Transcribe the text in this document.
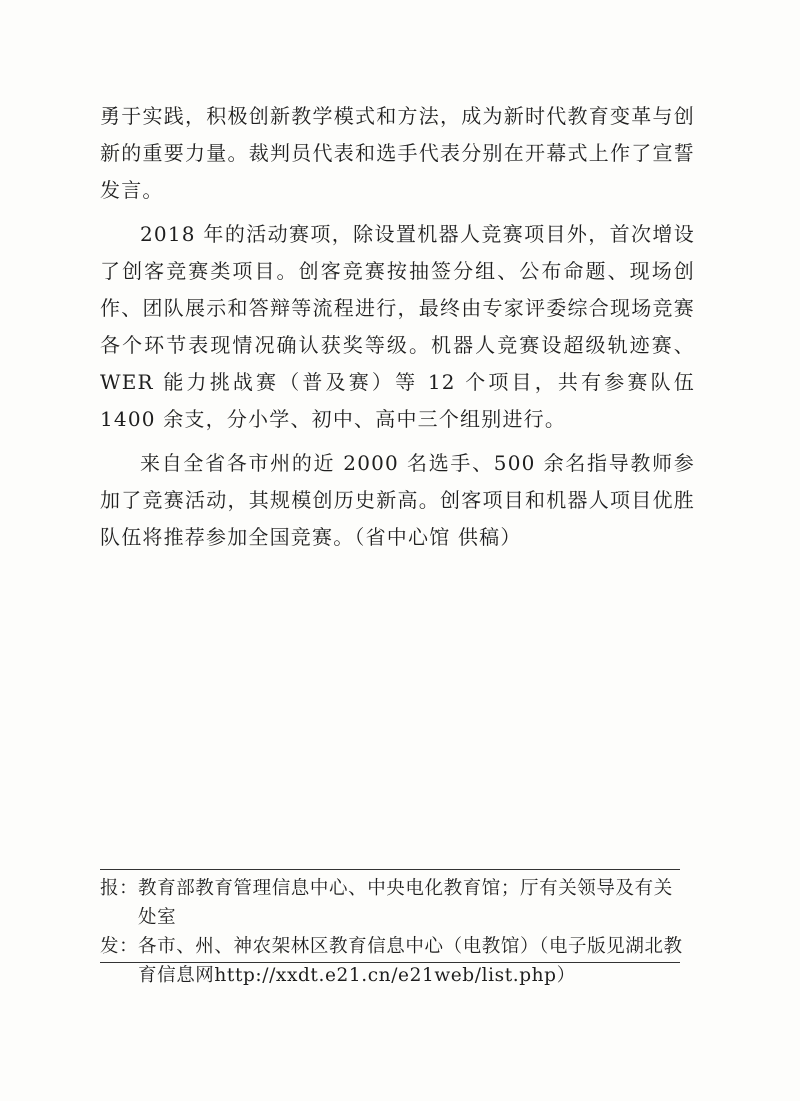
勇于实践，积极创新教学模式和方法，成为新时代教育变革与创新的重要力量。裁判员代表和选手代表分别在开幕式上作了宣誓发言。

2018 年的活动赛项，除设置机器人竞赛项目外，首次增设了创客竞赛类项目。创客竞赛按抽签分组、公布命题、现场创作、团队展示和答辩等流程进行，最终由专家评委综合现场竞赛各个环节表现情况确认获奖等级。机器人竞赛设超级轨迹赛、WER 能力挑战赛（普及赛）等 12 个项目，共有参赛队伍 1400 余支，分小学、初中、高中三个组别进行。

来自全省各市州的近 2000 名选手、500 余名指导教师参加了竞赛活动，其规模创历史新高。创客项目和机器人项目优胜队伍将推荐参加全国竞赛。（省中心馆 供稿）

报： 教育部教育管理信息中心、中央电化教育馆；厅有关领导及有关处室
发： 各市、州、神农架林区教育信息中心（电教馆）（电子版见湖北教育信息网http://xxdt.e21.cn/e21web/list.php）
